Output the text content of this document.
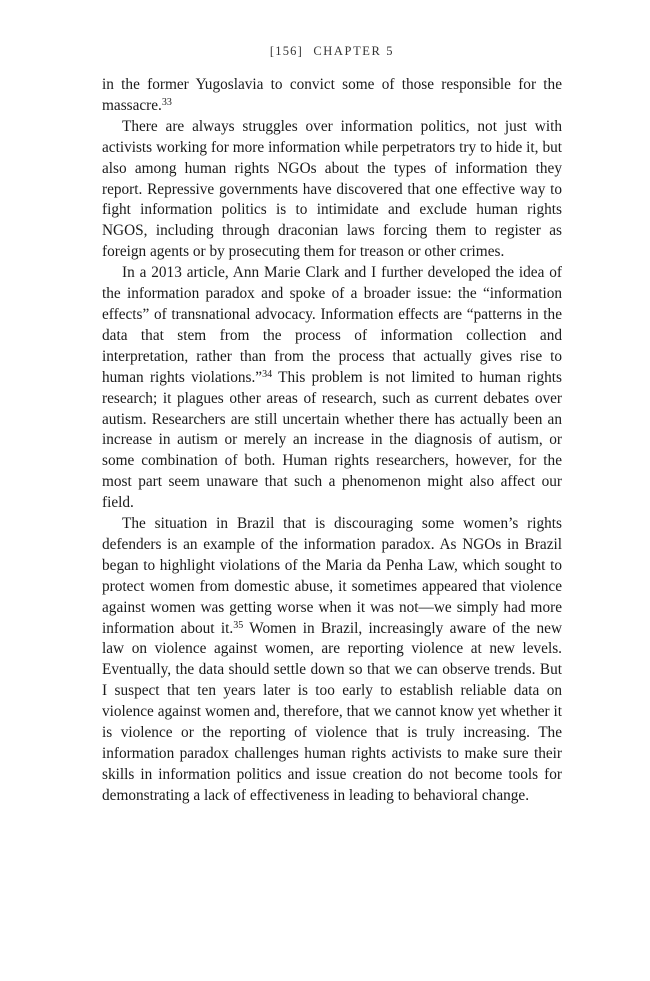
[156] CHAPTER 5

in the former Yugoslavia to convict some of those responsible for the massacre.$^{33}$

There are always struggles over information politics, not just with activists working for more information while perpetrators try to hide it, but also among human rights NGOs about the types of information they report. Repressive governments have discovered that one effective way to fight information politics is to intimidate and exclude human rights NGOS, including through draconian laws forcing them to register as foreign agents or by prosecuting them for treason or other crimes.

In a 2013 article, Ann Marie Clark and I further developed the idea of the information paradox and spoke of a broader issue: the “information effects” of transnational advocacy. Information effects are “patterns in the data that stem from the process of information collection and interpretation, rather than from the process that actually gives rise to human rights violations.”$^{34}$ This problem is not limited to human rights research; it plagues other areas of research, such as current debates over autism. Researchers are still uncertain whether there has actually been an increase in autism or merely an increase in the diagnosis of autism, or some combination of both. Human rights researchers, however, for the most part seem unaware that such a phenomenon might also affect our field.

The situation in Brazil that is discouraging some women’s rights defenders is an example of the information paradox. As NGOs in Brazil began to highlight violations of the Maria da Penha Law, which sought to protect women from domestic abuse, it sometimes appeared that violence against women was getting worse when it was not—we simply had more information about it.$^{35}$ Women in Brazil, increasingly aware of the new law on violence against women, are reporting violence at new levels. Eventually, the data should settle down so that we can observe trends. But I suspect that ten years later is too early to establish reliable data on violence against women and, therefore, that we cannot know yet whether it is violence or the reporting of violence that is truly increasing. The information paradox challenges human rights activists to make sure their skills in information politics and issue creation do not become tools for demonstrating a lack of effectiveness in leading to behavioral change.
